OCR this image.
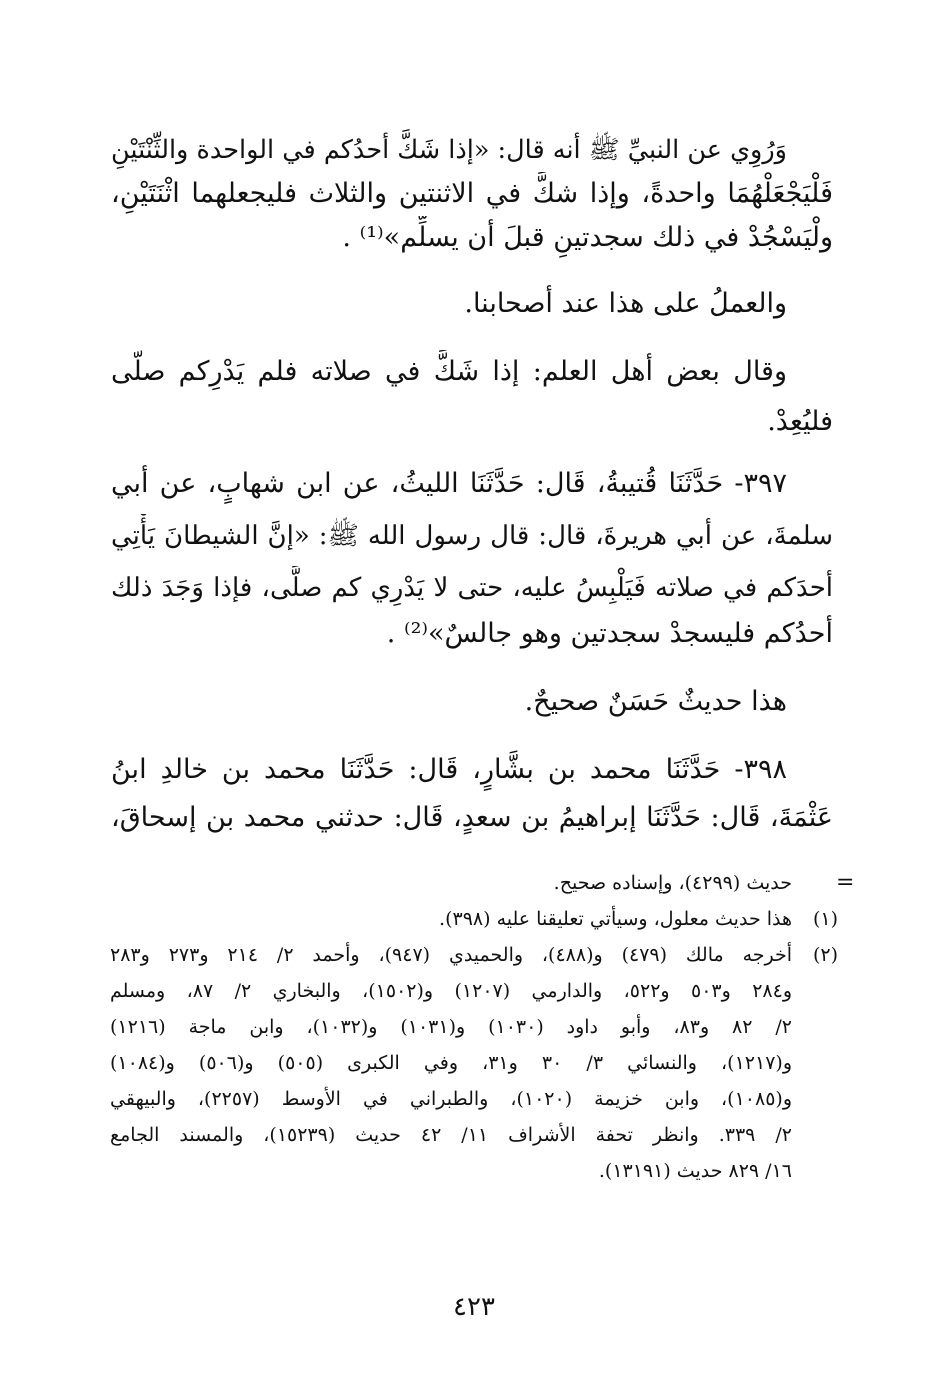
وَرُوِي عن النبيِّ ﷺ أنه قال: «إذا شَكَّ أحدُكم في الواحدة والثِّنْتَيْنِ
فَلْيَجْعَلْهُمَا واحدةً، وإذا شكَّ في الاثنتين والثلاث فليجعلهما اثْنَتَيْنِ،
ولْيَسْجُدْ في ذلك سجدتينِ قبلَ أن يسلِّم»⁽¹⁾ .
والعملُ على هذا عند أصحابنا.
وقال بعض أهل العلم: إذا شَكَّ في صلاته فلم يَدْرِكم صلَّى
فليُعِدْ.
٣٩٧- حَدَّثَنَا قُتيبةُ، قَال: حَدَّثَنَا الليثُ، عن ابن شهابٍ، عن أبي
سلمةَ، عن أبي هريرةَ، قال: قال رسول الله ﷺ: «إنَّ الشيطانَ يَأْتِي
أحدَكم في صلاته فَيَلْبِسُ عليه، حتى لا يَدْرِي كم صلَّى، فإذا وَجَدَ ذلك
أحدُكم فليسجدْ سجدتين وهو جالسٌ»⁽²⁾ .
هذا حديثٌ حَسَنٌ صحيحٌ.
٣٩٨- حَدَّثَنَا محمد بن بشَّارٍ، قَال: حَدَّثَنَا محمد بن خالدِ ابنُ
عَثْمَةَ، قَال: حَدَّثَنَا إبراهيمُ بن سعدٍ، قَال: حدثني محمد بن إسحاقَ،
=
حديث (٤٢٩٩)، وإسناده صحيح.
(١)
هذا حديث معلول، وسيأتي تعليقنا عليه (٣٩٨).
(٢)
أخرجه مالك (٤٧٩) و(٤٨٨)، والحميدي (٩٤٧)، وأحمد ٢/ ٢١٤ و٢٧٣ و٢٨٣
و٢٨٤ و٥٠٣ و٥٢٢، والدارمي (١٢٠٧) و(١٥٠٢)، والبخاري ٢/ ٨٧، ومسلم
٢/ ٨٢ و٨٣، وأبو داود (١٠٣٠) و(١٠٣١) و(١٠٣٢)، وابن ماجة (١٢١٦)
و(١٢١٧)، والنسائي ٣/ ٣٠ و٣١، وفي الكبرى (٥٠٥) و(٥٠٦) و(١٠٨٤)
و(١٠٨٥)، وابن خزيمة (١٠٢٠)، والطبراني في الأوسط (٢٢٥٧)، والبيهقي
٢/ ٣٣٩. وانظر تحفة الأشراف ١١/ ٤٢ حديث (١٥٢٣٩)، والمسند الجامع
١٦/ ٨٢٩ حديث (١٣١٩١).
٤٢٣
